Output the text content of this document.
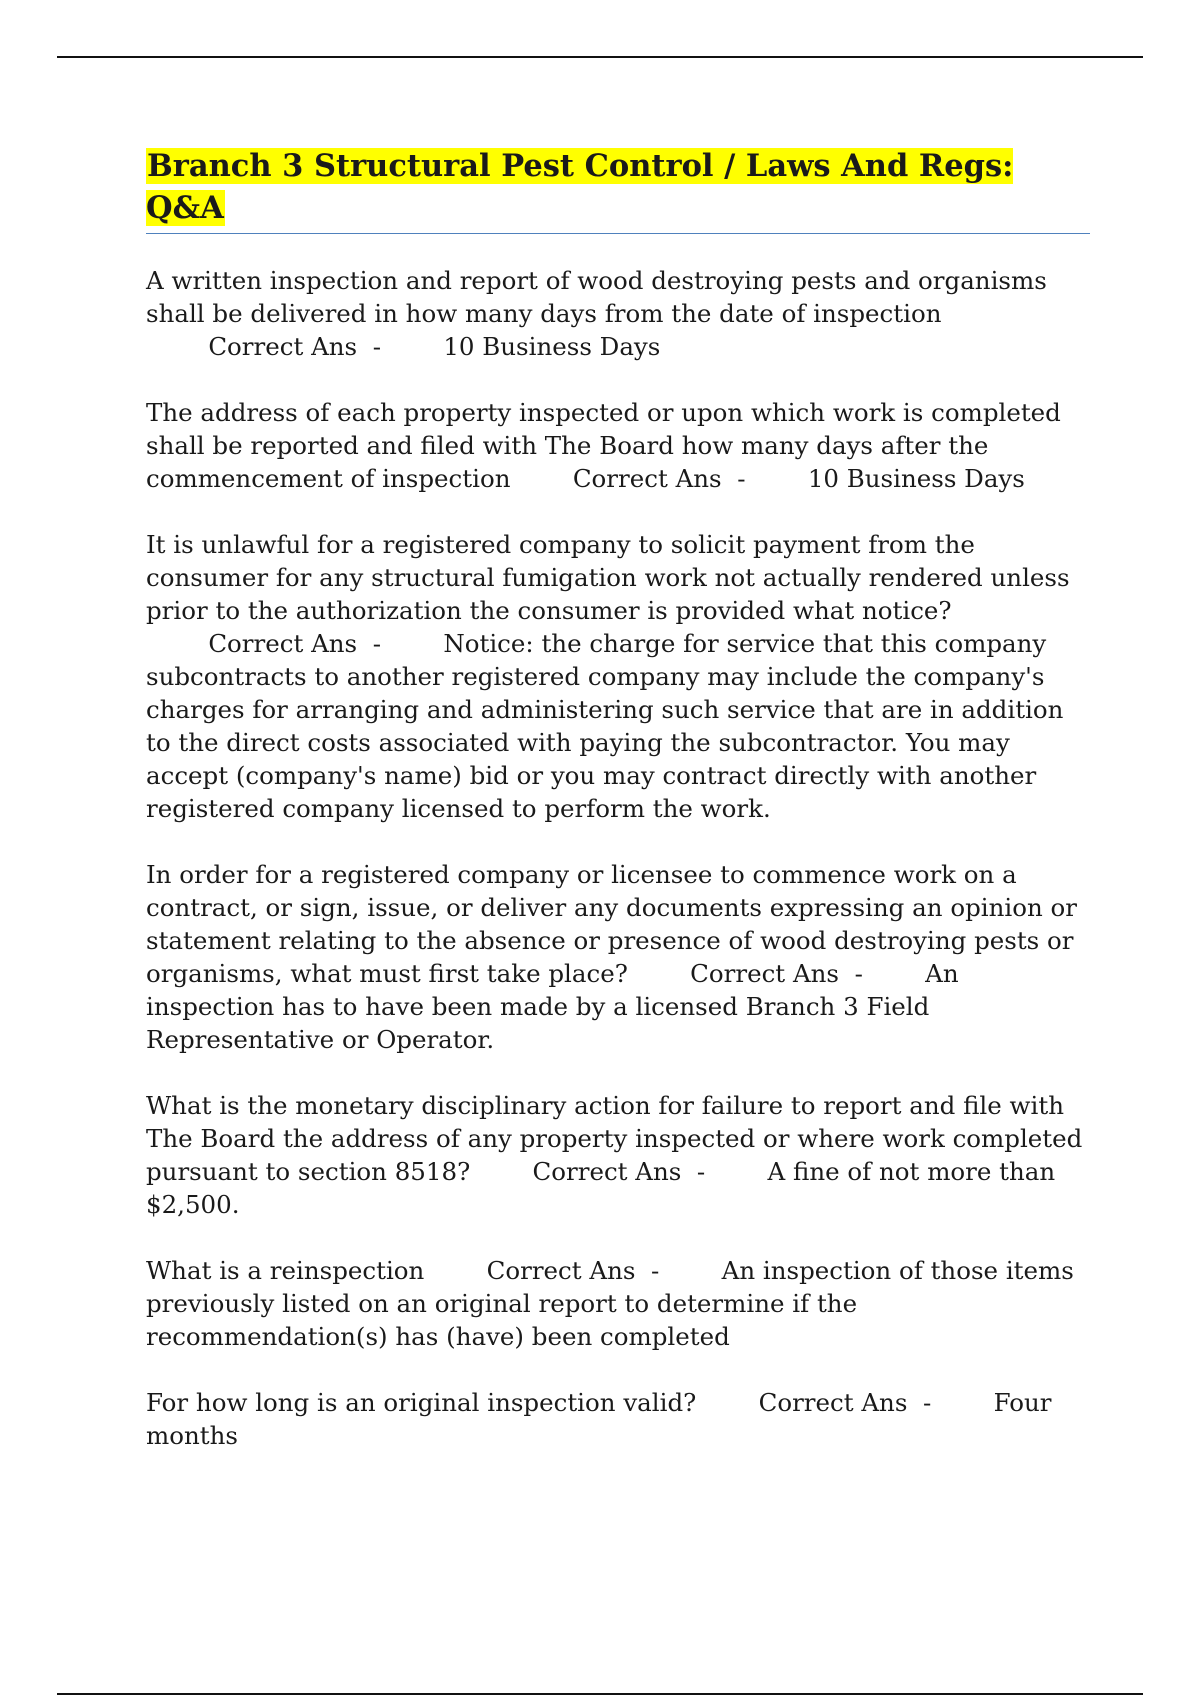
Branch 3 Structural Pest Control / Laws And Regs: Q&A

A written inspection and report of wood destroying pests and organisms shall be delivered in how many days from the date of inspection        Correct Ans  -        10 Business Days

The address of each property inspected or upon which work is completed shall be reported and filed with The Board how many days after the commencement of inspection	Correct Ans  -        10 Business Days

It is unlawful for a registered company to solicit payment from the consumer for any structural fumigation work not actually rendered unless prior to the authorization the consumer is provided what notice?        Correct Ans  -        Notice: the charge for service that this company subcontracts to another registered company may include the company's charges for arranging and administering such service that are in addition to the direct costs associated with paying the subcontractor. You may accept (company's name) bid or you may contract directly with another registered company licensed to perform the work.

In order for a registered company or licensee to commence work on a contract, or sign, issue, or deliver any documents expressing an opinion or statement relating to the absence or presence of wood destroying pests or organisms, what must first take place?	Correct Ans  -        An inspection has to have been made by a licensed Branch 3 Field Representative or Operator.

What is the monetary disciplinary action for failure to report and file with The Board the address of any property inspected or where work completed pursuant to section 8518?	Correct Ans  -        A fine of not more than $2,500.

What is a reinspection	Correct Ans  -        An inspection of those items previously listed on an original report to determine if the recommendation(s) has (have) been completed

For how long is an original inspection valid?	Correct Ans  -        Four months
